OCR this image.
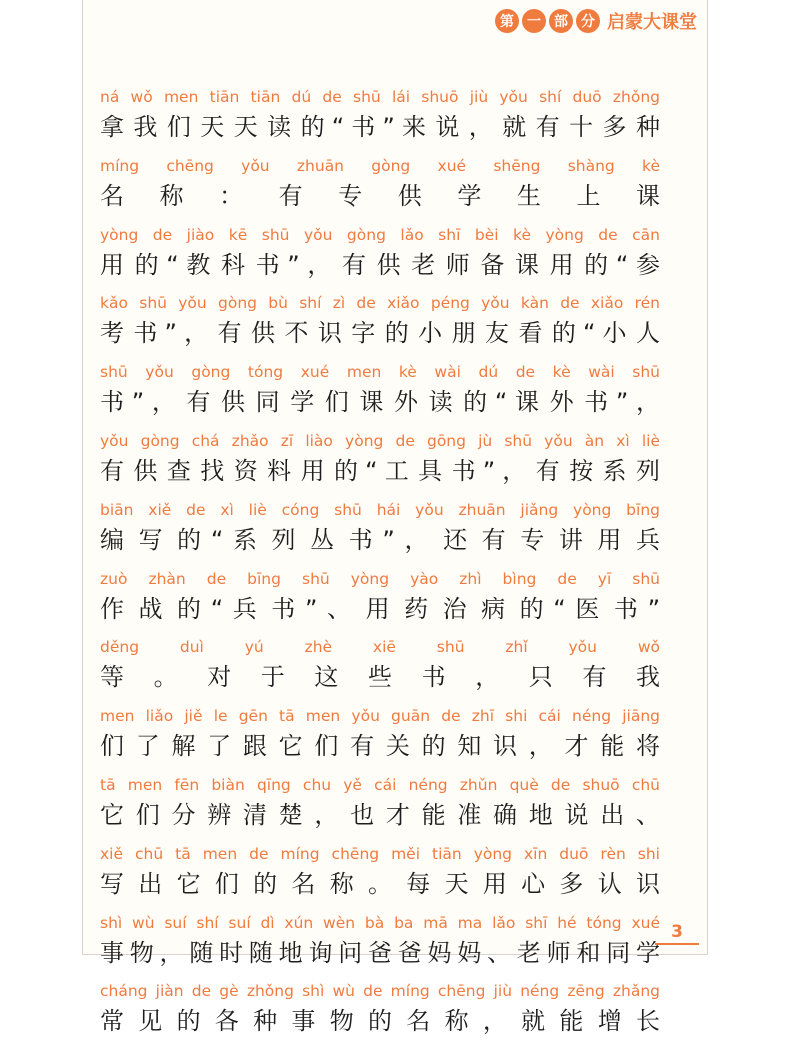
第 一 部 分 启蒙大课堂
3
ná wǒ men tiān tiān dú de shū lái shuō jiù yǒu shí duō zhǒng
拿 我 们 天 天 读 的 “ 书 ” 来 说 ， 就 有 十 多 种
míng chēng yǒu zhuān gòng xué shēng shàng kè
名 称 ： 有 专 供 学 生 上 课
yòng de jiào kē shū yǒu gòng lǎo shī bèi kè yòng de cān
用 的 “ 教 科 书 ” ， 有 供 老 师 备 课 用 的 “ 参
kǎo shū yǒu gòng bù shí zì de xiǎo péng yǒu kàn de xiǎo rén
考 书 ” ， 有 供 不 识 字 的 小 朋 友 看 的 “ 小 人
shū yǒu gòng tóng xué men kè wài dú de kè wài shū
书 ” ， 有 供 同 学 们 课 外 读 的 “ 课 外 书 ” ，
yǒu gòng chá zhǎo zī liào yòng de gōng jù shū yǒu àn xì liè
有 供 查 找 资 料 用 的 “ 工 具 书 ” ， 有 按 系 列
biān xiě de xì liè cóng shū hái yǒu zhuān jiǎng yòng bīng
编 写 的 “ 系 列 丛 书 ” ， 还 有 专 讲 用 兵
zuò zhàn de bīng shū yòng yào zhì bìng de yī shū
作 战 的 “ 兵 书 ” 、 用 药 治 病 的 “ 医 书 ”
děng duì yú zhè xiē shū zhǐ yǒu wǒ
等 。 对 于 这 些 书 ， 只 有 我
men liǎo jiě le gēn tā men yǒu guān de zhī shi cái néng jiāng
们 了 解 了 跟 它 们 有 关 的 知 识 ， 才 能 将
tā men fēn biàn qīng chu yě cái néng zhǔn què de shuō chū
它 们 分 辨 清 楚 ， 也 才 能 准 确 地 说 出 、
xiě chū tā men de míng chēng měi tiān yòng xīn duō rèn shi
写 出 它 们 的 名 称 。 每 天 用 心 多 认 识
shì wù suí shí suí dì xún wèn bà ba mā ma lǎo shī hé tóng xué
事 物 ， 随 时 随 地 询 问 爸 爸 妈 妈 、 老 师 和 同 学
cháng jiàn de gè zhǒng shì wù de míng chēng jiù néng zēng zhǎng
常 见 的 各 种 事 物 的 名 称 ， 就 能 增 长
